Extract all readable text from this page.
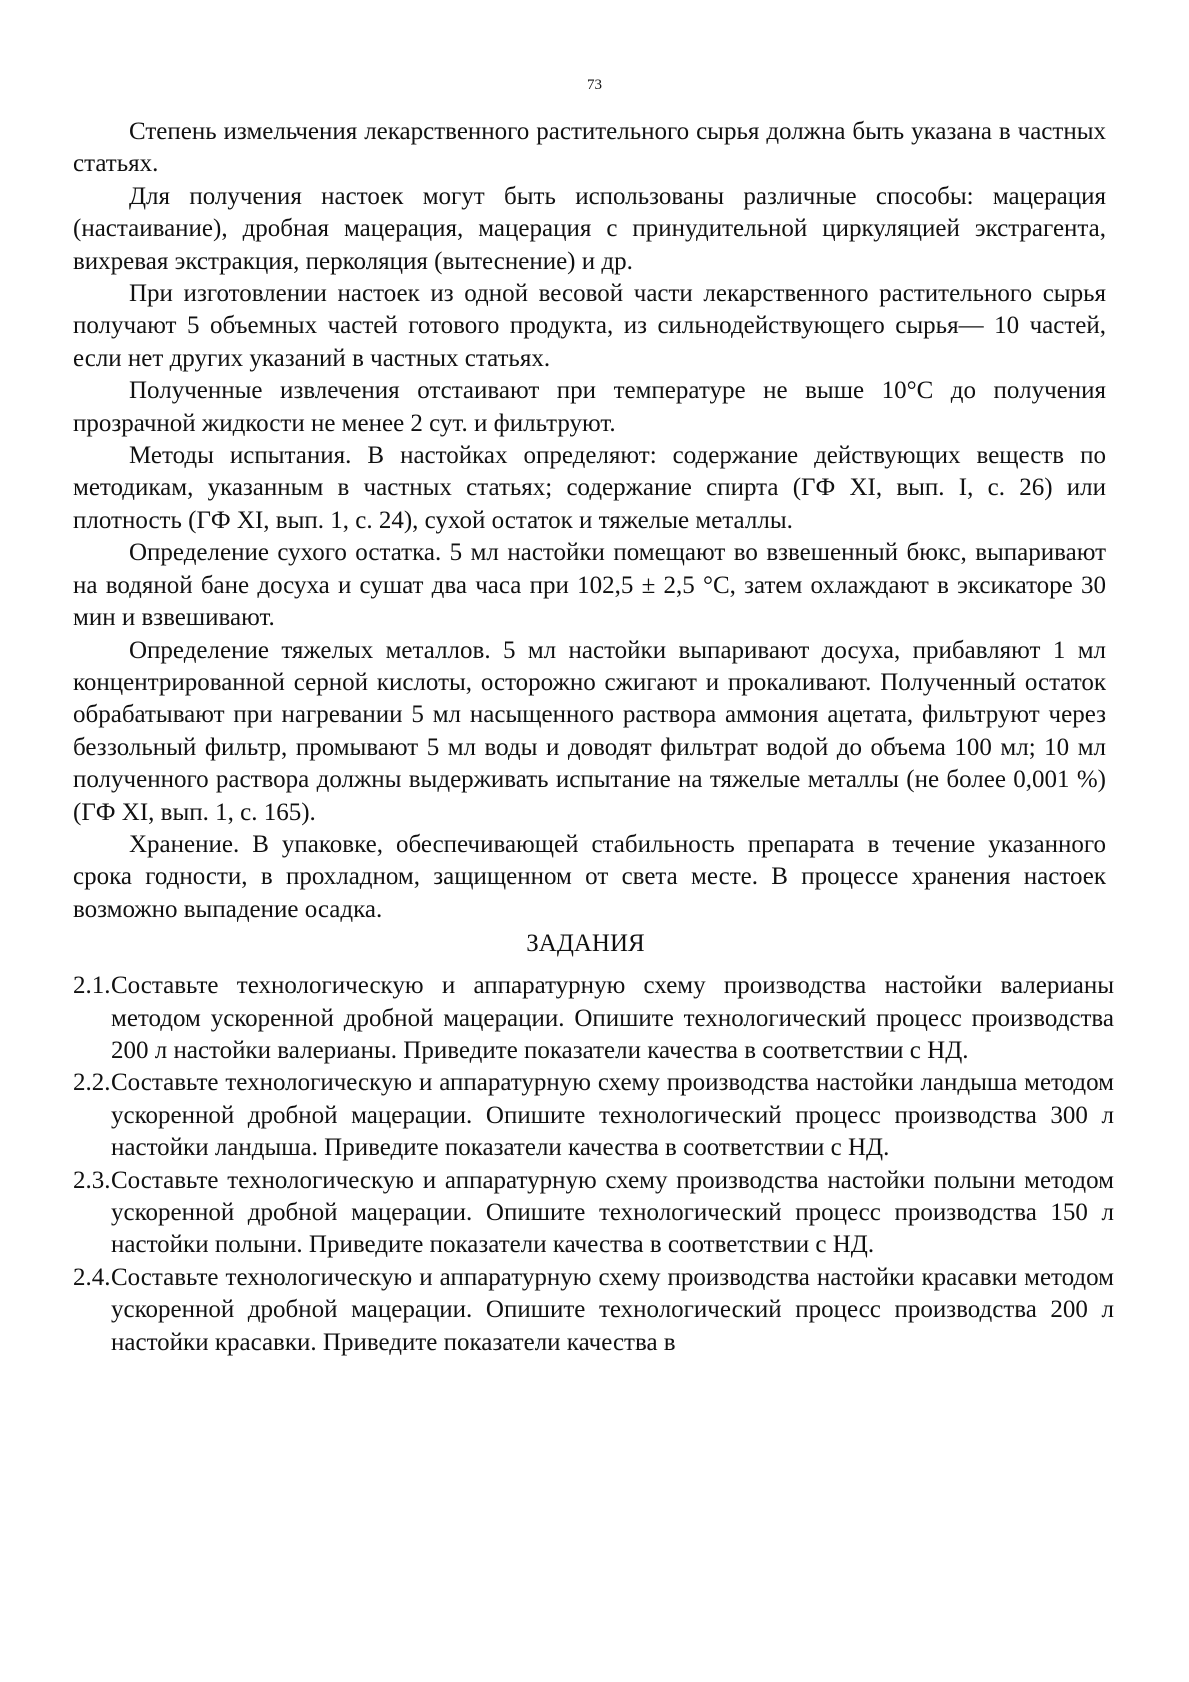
73

Степень измельчения лекарственного растительного сырья должна быть указана в частных статьях.

Для получения настоек могут быть использованы различные способы: мацерация (настаивание), дробная мацерация, мацерация с принудительной циркуляцией экстрагента, вихревая экстракция, перколяция (вытеснение) и др.

При изготовлении настоек из одной весовой части лекарственного растительного сырья получают 5 объемных частей готового продукта, из сильнодействующего сырья— 10 частей, если нет других указаний в частных статьях.

Полученные извлечения отстаивают при температуре не выше 10°С до получения прозрачной жидкости не менее 2 сут. и фильтруют.

Методы испытания. В настойках определяют: содержание действующих веществ по методикам, указанным в частных статьях; содержание спирта (ГФ XI, вып. I, с. 26) или плотность (ГФ XI, вып. 1, с. 24), сухой остаток и тяжелые металлы.

Определение сухого остатка. 5 мл настойки помещают во взвешенный бюкс, выпаривают на водяной бане досуха и сушат два часа при 102,5 ± 2,5 °С, затем охлаждают в эксикаторе 30 мин и взвешивают.

Определение тяжелых металлов. 5 мл настойки выпаривают досуха, прибавляют 1 мл концентрированной серной кислоты, осторожно сжигают и прокаливают. Полученный остаток обрабатывают при нагревании 5 мл насыщенного раствора аммония ацетата, фильтруют через беззольный фильтр, промывают 5 мл воды и доводят фильтрат водой до объема 100 мл; 10 мл полученного раствора должны выдерживать испытание на тяжелые металлы (не более 0,001 %) (ГФ XI, вып. 1, с. 165).

Хранение. В упаковке, обеспечивающей стабильность препарата в течение указанного срока годности, в прохладном, защищенном от света месте. В процессе хранения настоек возможно выпадение осадка.

ЗАДАНИЯ

2.1. Составьте технологическую и аппаратурную схему производства настойки валерианы методом ускоренной дробной мацерации. Опишите технологический процесс производства 200 л настойки валерианы. Приведите показатели качества в соответствии с НД.
2.2. Составьте технологическую и аппаратурную схему производства настойки ландыша методом ускоренной дробной мацерации. Опишите технологический процесс производства 300 л настойки ландыша. Приведите показатели качества в соответствии с НД.
2.3. Составьте технологическую и аппаратурную схему производства настойки полыни методом ускоренной дробной мацерации. Опишите технологический процесс производства 150 л настойки полыни. Приведите показатели качества в соответствии с НД.
2.4. Составьте технологическую и аппаратурную схему производства настойки красавки методом ускоренной дробной мацерации. Опишите технологический процесс производства 200 л настойки красавки. Приведите показатели качества в
